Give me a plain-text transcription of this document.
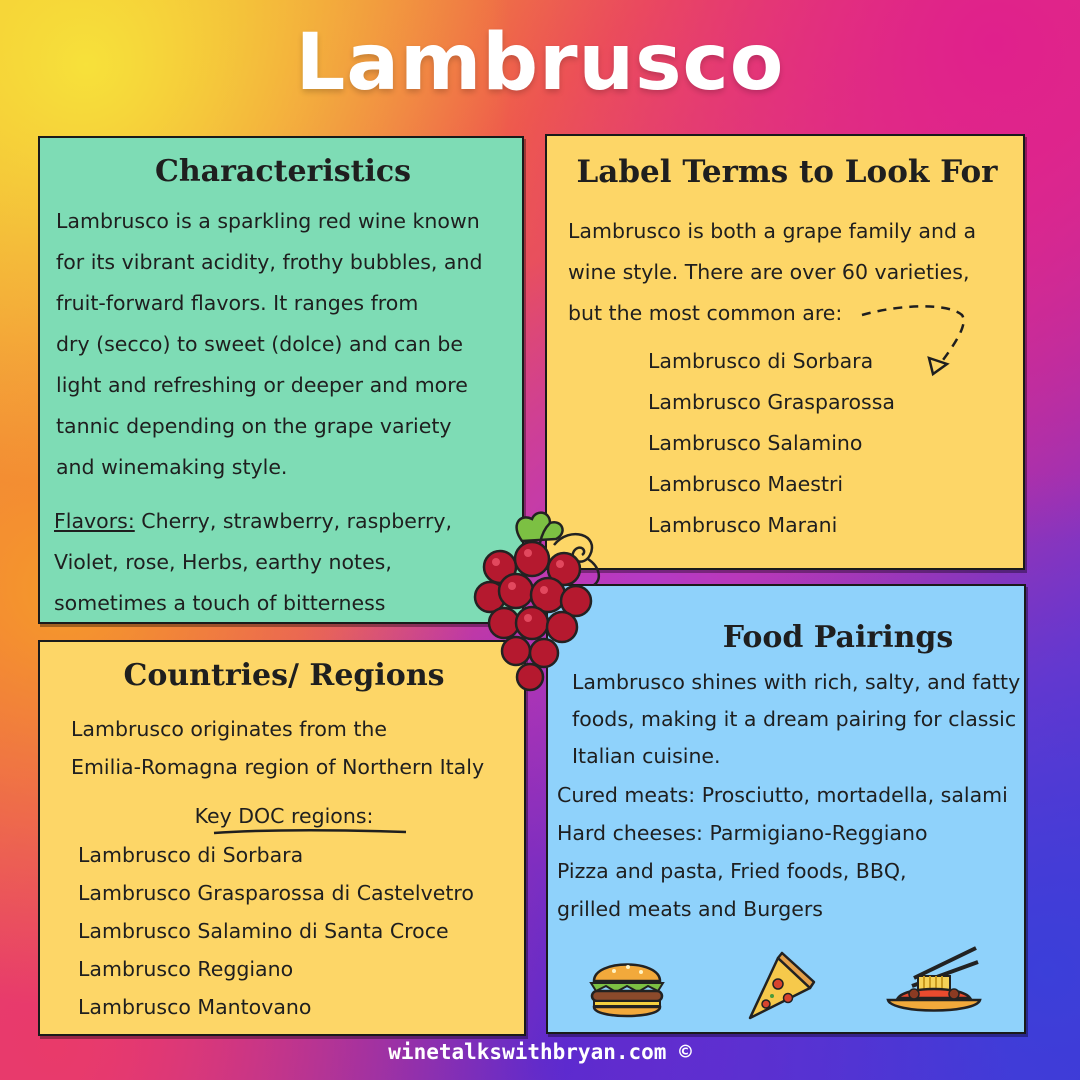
Lambrusco
Characteristics
Lambrusco is a sparkling red wine known
for its vibrant acidity, frothy bubbles, and
fruit-forward flavors. It ranges from
dry (secco) to sweet (dolce) and can be
light and refreshing or deeper and more
tannic depending on the grape variety
and winemaking style.
Flavors: Cherry, strawberry, raspberry,
Violet, rose, Herbs, earthy notes,
sometimes a touch of bitterness
Label Terms to Look For
Lambrusco is both a grape family and a
wine style. There are over 60 varieties,
but the most common are:
Lambrusco di Sorbara
Lambrusco Grasparossa
Lambrusco Salamino
Lambrusco Maestri
Lambrusco Marani
Countries/ Regions
Lambrusco originates from the
Emilia-Romagna region of Northern Italy
Key DOC regions:
Lambrusco di Sorbara
Lambrusco Grasparossa di Castelvetro
Lambrusco Salamino di Santa Croce
Lambrusco Reggiano
Lambrusco Mantovano
Food Pairings
Lambrusco shines with rich, salty, and fatty
foods, making it a dream pairing for classic
Italian cuisine.
Cured meats: Prosciutto, mortadella, salami
Hard cheeses: Parmigiano-Reggiano
Pizza and pasta, Fried foods, BBQ,
grilled meats and Burgers
winetalkswithbryan.com ©
